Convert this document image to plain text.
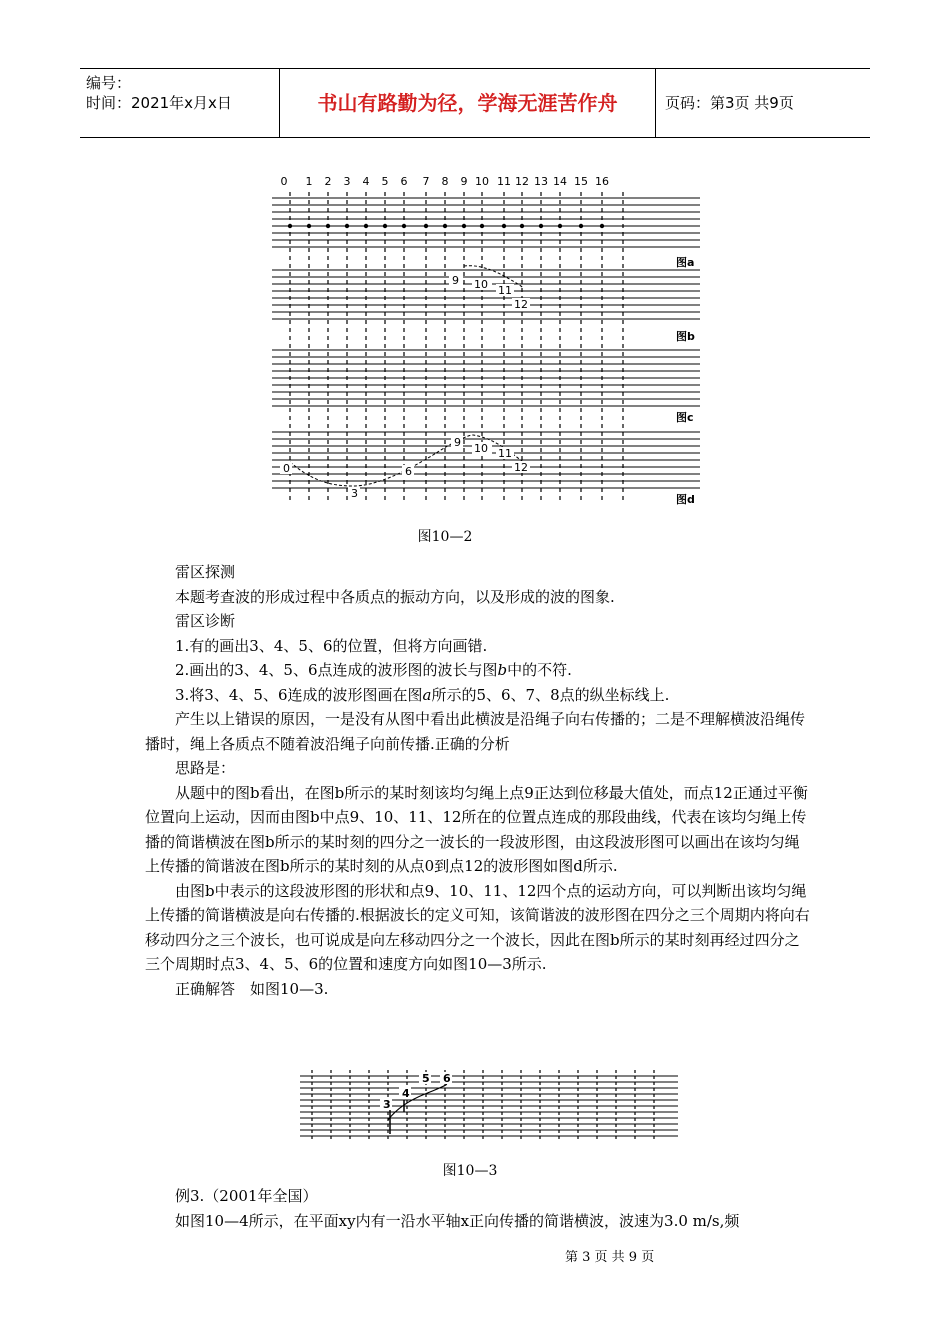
编号：
时间：2021年x月x日	书山有路勤为径，学海无涯苦作舟	页码：第3页 共9页
0 1 2 3 4 5 6 7 8 9 10 11 12 13 14 15 16
图a
图b
图c
图d
9 10 11
12
0
3
6
9 10 11
12
图10—2

雷区探测

本题考查波的形成过程中各质点的振动方向，以及形成的波的图象.

雷区诊断

1.有的画出3、4、5、6的位置，但将方向画错.

2.画出的3、4、5、6点连成的波形图的波长与图b中的不符.

3.将3、4、5、6连成的波形图画在图a所示的5、6、7、8点的纵坐标线上.

产生以上错误的原因，一是没有从图中看出此横波是沿绳子向右传播的；二是不理解横波沿绳传播时，绳上各质点不随着波沿绳子向前传播.正确的分析

思路是：

从题中的图b看出，在图b所示的某时刻该均匀绳上点9正达到位移最大值处，而点12正通过平衡位置向上运动，因而由图b中点9、10、11、12所在的位置点连成的那段曲线，代表在该均匀绳上传播的简谐横波在图b所示的某时刻的四分之一波长的一段波形图，由这段波形图可以画出在该均匀绳上传播的简谐波在图b所示的某时刻的从点0到点12的波形图如图d所示.

由图b中表示的这段波形图的形状和点9、10、11、12四个点的运动方向，可以判断出该均匀绳上传播的简谐横波是向右传播的.根据波长的定义可知，该简谐波的波形图在四分之三个周期内将向右移动四分之三个波长，也可说成是向左移动四分之一个波长，因此在图b所示的某时刻再经过四分之三个周期时点3、4、5、6的位置和速度方向如图10—3所示.

正确解答　如图10—3.

3
4
5 6
图10—3

例3.（2001年全国）

如图10—4所示，在平面xy内有一沿水平轴x正向传播的简谐横波，波速为3.0 m/s,频

第 3 页 共 9 页
